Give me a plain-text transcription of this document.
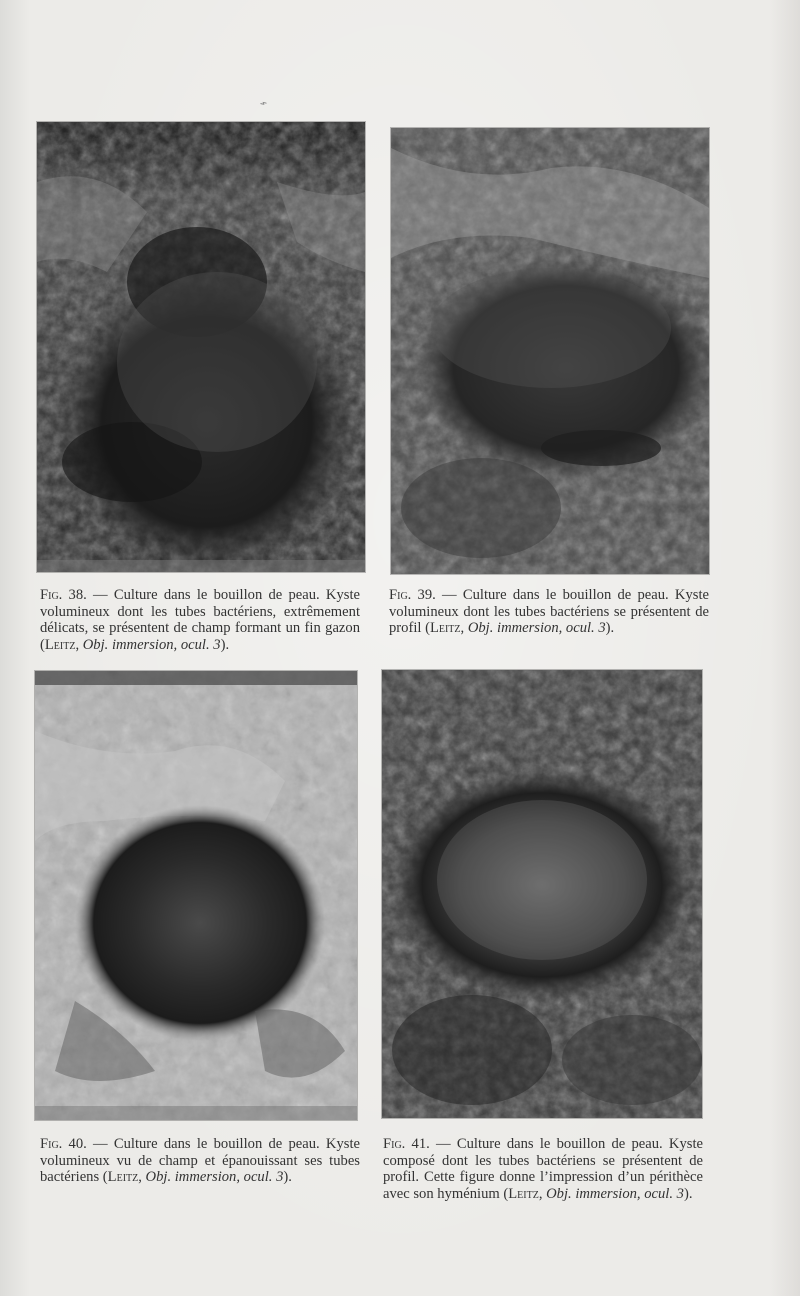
⌁

Fig. 38. — Culture dans le bouillon de peau. Kyste volumineux dont les tubes bactériens, extrêmement délicats, se présentent de champ formant un fin gazon (Leitz, Obj. immersion, ocul. 3).

Fig. 39. — Culture dans le bouillon de peau. Kyste volumineux dont les tubes bactériens se présentent de profil (Leitz, Obj. immersion, ocul. 3).

Fig. 40. — Culture dans le bouillon de peau. Kyste volumineux vu de champ et épanouissant ses tubes bactériens (Leitz, Obj. immersion, ocul. 3).

Fig. 41. — Culture dans le bouillon de peau. Kyste composé dont les tubes bactériens se présentent de profil. Cette figure donne l’impression d’un périthèce avec son hyménium (Leitz, Obj. immersion, ocul. 3).
